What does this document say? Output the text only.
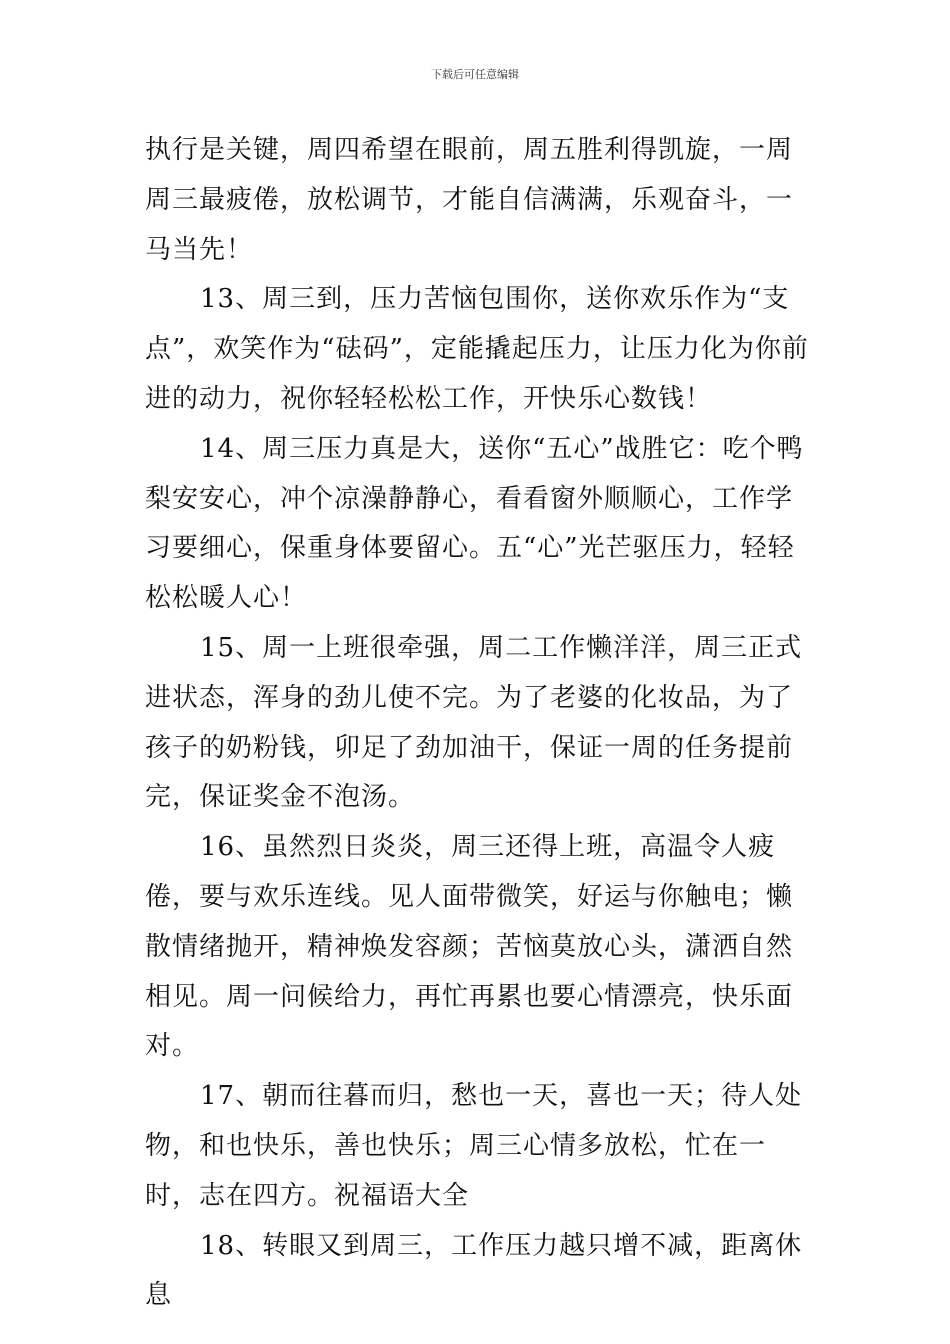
下载后可任意编辑

执行是关键，周四希望在眼前，周五胜利得凯旋，一周周三最疲倦，放松调节，才能自信满满，乐观奋斗，一马当先！

13、周三到，压力苦恼包围你，送你欢乐作为“支点”，欢笑作为“砝码”，定能撬起压力，让压力化为你前进的动力，祝你轻轻松松工作，开快乐心数钱！

14、周三压力真是大，送你“五心”战胜它：吃个鸭梨安安心，冲个凉澡静静心，看看窗外顺顺心，工作学习要细心，保重身体要留心。五“心”光芒驱压力，轻轻松松暖人心！

15、周一上班很牵强，周二工作懒洋洋，周三正式进状态，浑身的劲儿使不完。为了老婆的化妆品，为了孩子的奶粉钱，卯足了劲加油干，保证一周的任务提前完，保证奖金不泡汤。

16、虽然烈日炎炎，周三还得上班，高温令人疲倦，要与欢乐连线。见人面带微笑，好运与你触电；懒散情绪抛开，精神焕发容颜；苦恼莫放心头，潇洒自然相见。周一问候给力，再忙再累也要心情漂亮，快乐面对。

17、朝而往暮而归，愁也一天，喜也一天；待人处物，和也快乐，善也快乐；周三心情多放松，忙在一时，志在四方。祝福语大全

18、转眼又到周三，工作压力越只增不减，距离休息
